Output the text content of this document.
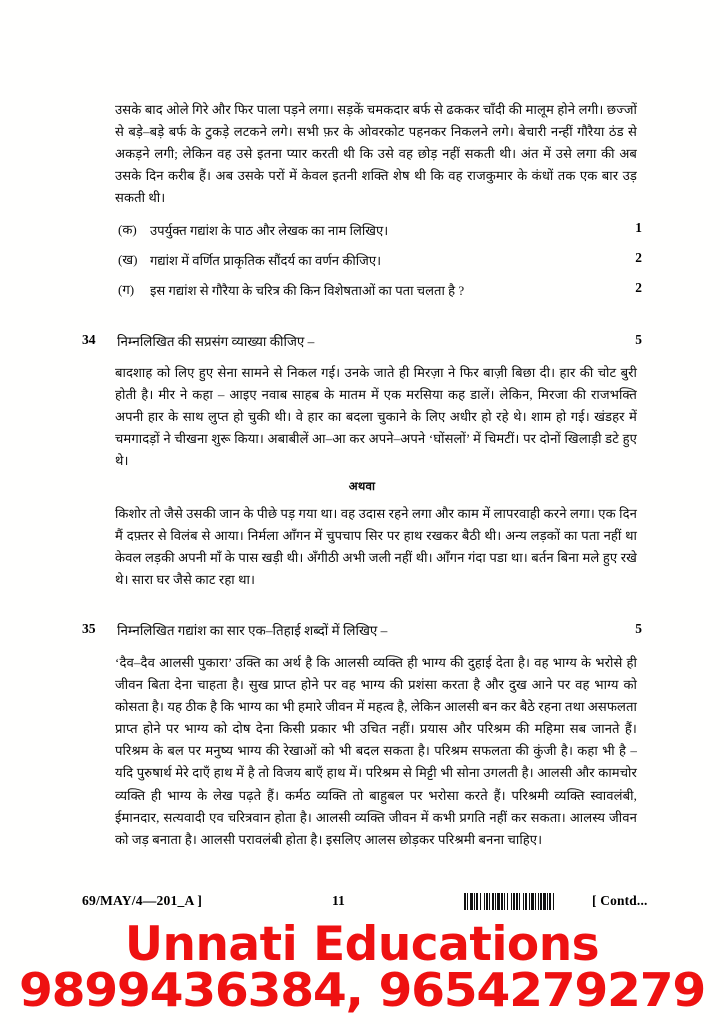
उसके बाद ओले गिरे और फिर पाला पड़ने लगा। सड़कें चमकदार बर्फ से ढककर चाँदी की मालूम होने लगी। छज्जों से बड़े–बड़े बर्फ के टुकड़े लटकने लगे। सभी फ़र के ओवरकोट पहनकर निकलने लगे। बेचारी नन्हीं गौरैया ठंड से अकड़ने लगी; लेकिन वह उसे इतना प्यार करती थी कि उसे वह छोड़ नहीं सकती थी। अंत में उसे लगा की अब उसके दिन करीब हैं। अब उसके परों में केवल इतनी शक्ति शेष थी कि वह राजकुमार के कंधों तक एक बार उड़ सकती थी।
(क) उपर्युक्त गद्यांश के पाठ और लेखक का नाम लिखिए।	1
(ख) गद्यांश में वर्णित प्राकृतिक सौंदर्य का वर्णन कीजिए।	2
(ग) इस गद्यांश से गौरैया के चरित्र की किन विशेषताओं का पता चलता है ?	2
34 निम्नलिखित की सप्रसंग व्याख्या कीजिए –	5
बादशाह को लिए हुए सेना सामने से निकल गई। उनके जाते ही मिरज़ा ने फिर बाज़ी बिछा दी। हार की चोट बुरी होती है। मीर ने कहा – आइए नवाब साहब के मातम में एक मरसिया कह डालें। लेकिन, मिरजा की राजभक्ति अपनी हार के साथ लुप्त हो चुकी थी। वे हार का बदला चुकाने के लिए अधीर हो रहे थे। शाम हो गई। खंडहर में चमगादड़ों ने चीखना शुरू किया। अबाबीलें आ–आ कर अपने–अपने ‘घोंसलों’ में चिमटीं। पर दोनों खिलाड़ी डटे हुए थे।
अथवा
किशोर तो जैसे उसकी जान के पीछे पड़ गया था। वह उदास रहने लगा और काम में लापरवाही करने लगा। एक दिन मैं दफ़्तर से विलंब से आया। निर्मला आँगन में चुपचाप सिर पर हाथ रखकर बैठी थी। अन्य लड़कों का पता नहीं था केवल लड़की अपनी माँ के पास खड़ी थी। अँगीठी अभी जली नहीं थी। आँगन गंदा पडा था। बर्तन बिना मले हुए रखे थे। सारा घर जैसे काट रहा था।
35 निम्नलिखित गद्यांश का सार एक–तिहाई शब्दों में लिखिए –	5
‘दैव–दैव आलसी पुकारा’ उक्ति का अर्थ है कि आलसी व्यक्ति ही भाग्य की दुहाई देता है। वह भाग्य के भरोसे ही जीवन बिता देना चाहता है। सुख प्राप्त होने पर वह भाग्य की प्रशंसा करता है और दुख आने पर वह भाग्य को कोसता है। यह ठीक है कि भाग्य का भी हमारे जीवन में महत्व है, लेकिन आलसी बन कर बैठे रहना तथा असफलता प्राप्त होने पर भाग्य को दोष देना किसी प्रकार भी उचित नहीं। प्रयास और परिश्रम की महिमा सब जानते हैं। परिश्रम के बल पर मनुष्य भाग्य की रेखाओं को भी बदल सकता है। परिश्रम सफलता की कुंजी है। कहा भी है – यदि पुरुषार्थ मेरे दाएँ हाथ में है तो विजय बाएँ हाथ में। परिश्रम से मिट्टी भी सोना उगलती है। आलसी और कामचोर व्यक्ति ही भाग्य के लेख पढ़ते हैं। कर्मठ व्यक्ति तो बाहुबल पर भरोसा करते हैं। परिश्रमी व्यक्ति स्वावलंबी, ईमानदार, सत्यवादी एव चरित्रवान होता है। आलसी व्यक्ति जीवन में कभी प्रगति नहीं कर सकता। आलस्य जीवन को जड़ बनाता है। आलसी परावलंबी होता है। इसलिए आलस छोड़कर परिश्रमी बनना चाहिए।
69/MAY/4—201_A ]	11	[ Contd...
Unnati Educations
9899436384, 9654279279
